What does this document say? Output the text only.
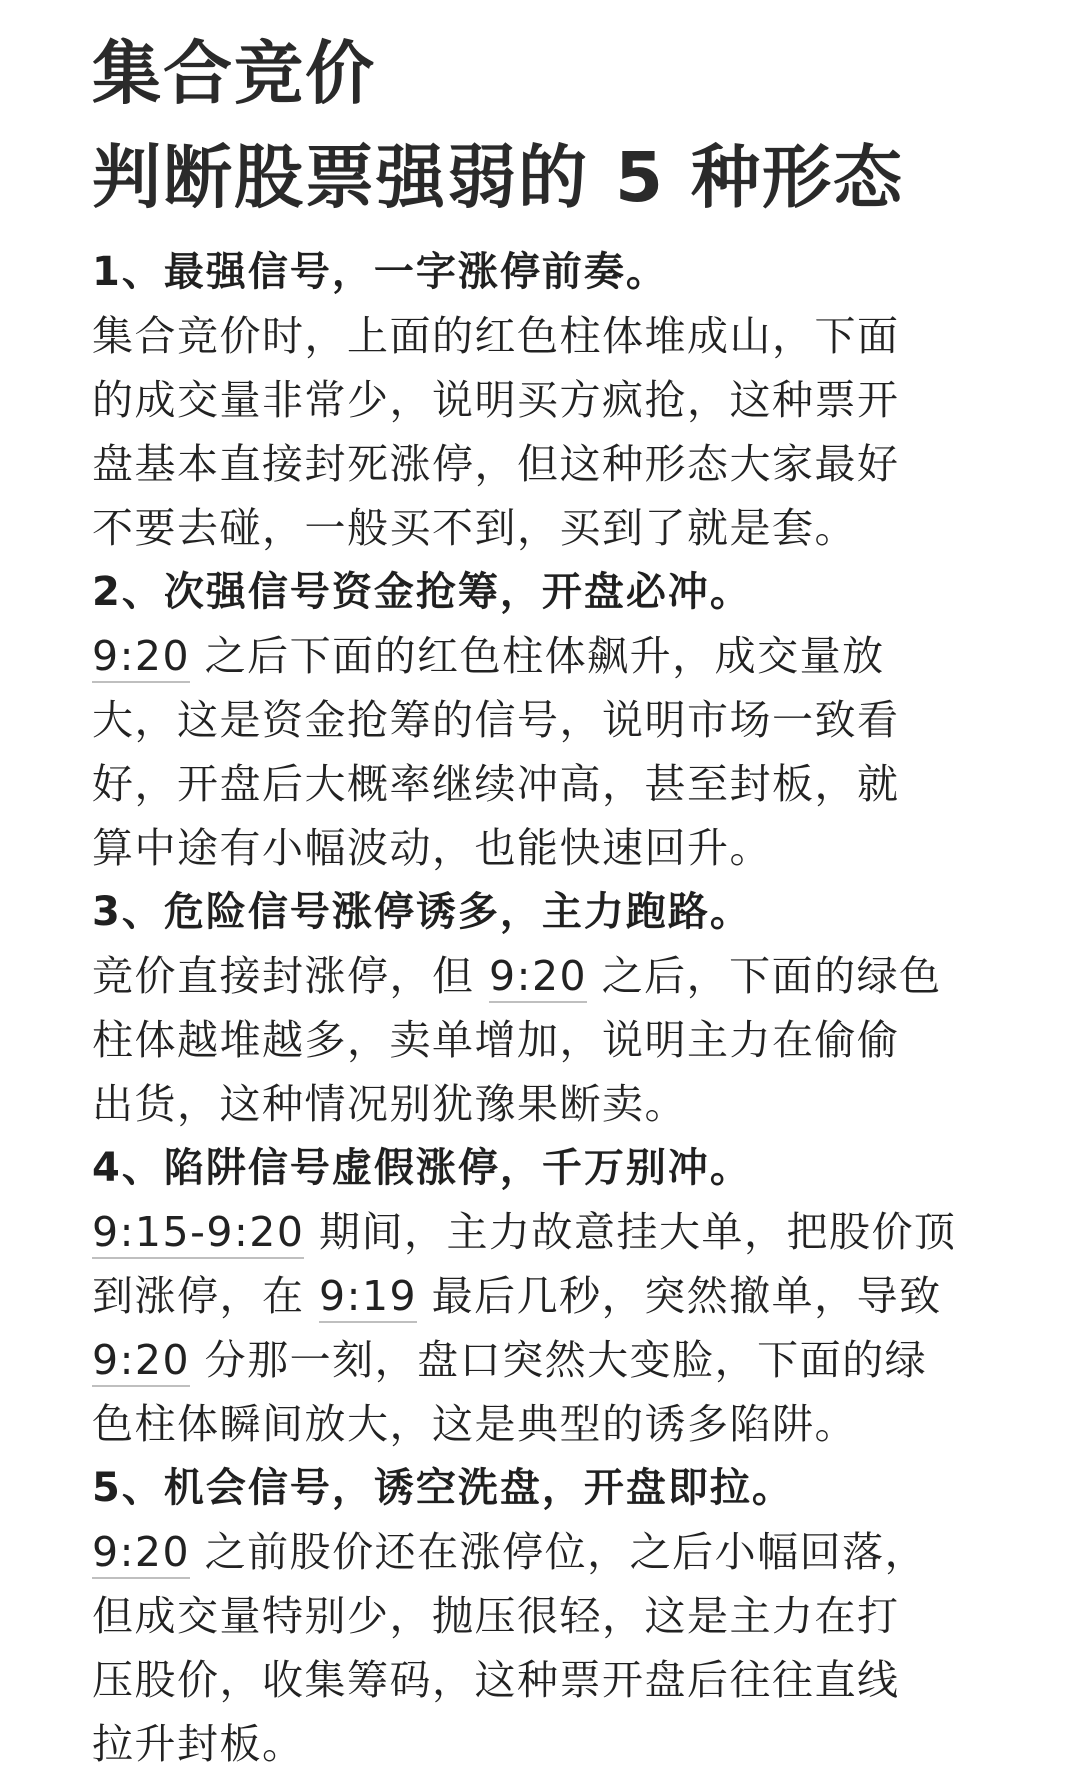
集合竞价
判断股票强弱的 5 种形态
1、最强信号，一字涨停前奏。
集合竞价时，上面的红色柱体堆成山，下面
的成交量非常少，说明买方疯抢，这种票开
盘基本直接封死涨停，但这种形态大家最好
不要去碰，一般买不到，买到了就是套。
2、次强信号资金抢筹，开盘必冲。
9:20 之后下面的红色柱体飙升，成交量放
大，这是资金抢筹的信号，说明市场一致看
好，开盘后大概率继续冲高，甚至封板，就
算中途有小幅波动，也能快速回升。
3、危险信号涨停诱多，主力跑路。
竞价直接封涨停，但 9:20 之后，下面的绿色
柱体越堆越多，卖单增加，说明主力在偷偷
出货，这种情况别犹豫果断卖。
4、陷阱信号虚假涨停，千万别冲。
9:15-9:20 期间，主力故意挂大单，把股价顶
到涨停，在 9:19 最后几秒，突然撤单，导致
9:20 分那一刻，盘口突然大变脸，下面的绿
色柱体瞬间放大，这是典型的诱多陷阱。
5、机会信号，诱空洗盘，开盘即拉。
9:20 之前股价还在涨停位，之后小幅回落，
但成交量特别少，抛压很轻，这是主力在打
压股价，收集筹码，这种票开盘后往往直线
拉升封板。
